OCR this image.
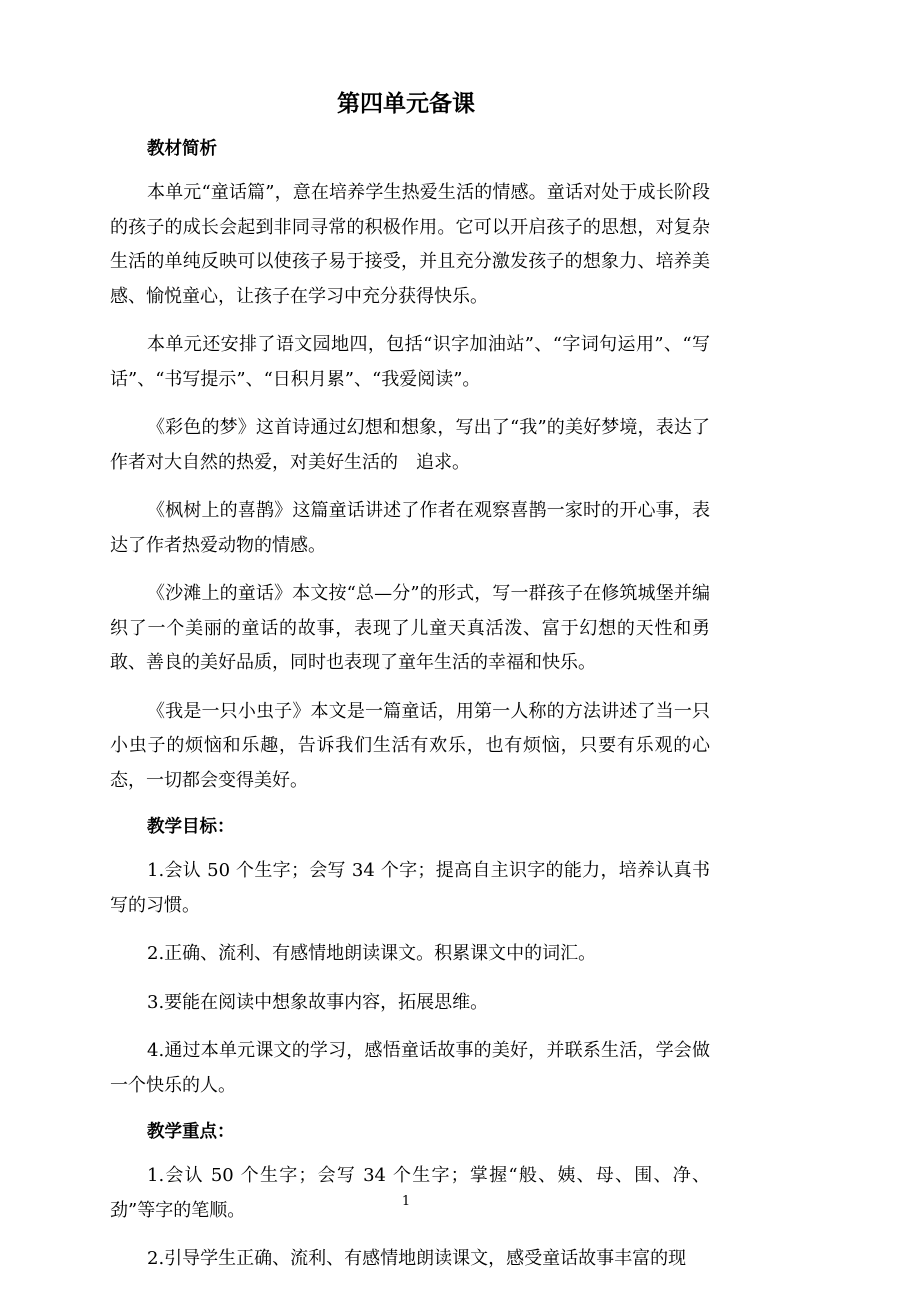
第四单元备课
教材简析

本单元“童话篇”，意在培养学生热爱生活的情感。童话对处于成长阶段的孩子的成长会起到非同寻常的积极作用。它可以开启孩子的思想，对复杂生活的单纯反映可以使孩子易于接受，并且充分激发孩子的想象力、培养美感、愉悦童心，让孩子在学习中充分获得快乐。

本单元还安排了语文园地四，包括“识字加油站”、“字词句运用”、“写话”、“书写提示”、“日积月累”、“我爱阅读”。

《彩色的梦》这首诗通过幻想和想象，写出了“我”的美好梦境，表达了作者对大自然的热爱，对美好生活的　追求。

《枫树上的喜鹊》这篇童话讲述了作者在观察喜鹊一家时的开心事，表达了作者热爱动物的情感。

《沙滩上的童话》本文按“总—分”的形式，写一群孩子在修筑城堡并编织了一个美丽的童话的故事，表现了儿童天真活泼、富于幻想的天性和勇敢、善良的美好品质，同时也表现了童年生活的幸福和快乐。

《我是一只小虫子》本文是一篇童话，用第一人称的方法讲述了当一只小虫子的烦恼和乐趣，告诉我们生活有欢乐，也有烦恼，只要有乐观的心态，一切都会变得美好。

教学目标：

1.会认 50 个生字；会写 34 个字；提高自主识字的能力，培养认真书写的习惯。

2.正确、流利、有感情地朗读课文。积累课文中的词汇。

3.要能在阅读中想象故事内容，拓展思维。

4.通过本单元课文的学习，感悟童话故事的美好，并联系生活，学会做一个快乐的人。

教学重点：

1.会认 50 个生字；会写 34 个生字；掌握“般、姨、母、围、净、劲”等字的笔顺。

2.引导学生正确、流利、有感情地朗读课文，感受童话故事丰富的现

1
